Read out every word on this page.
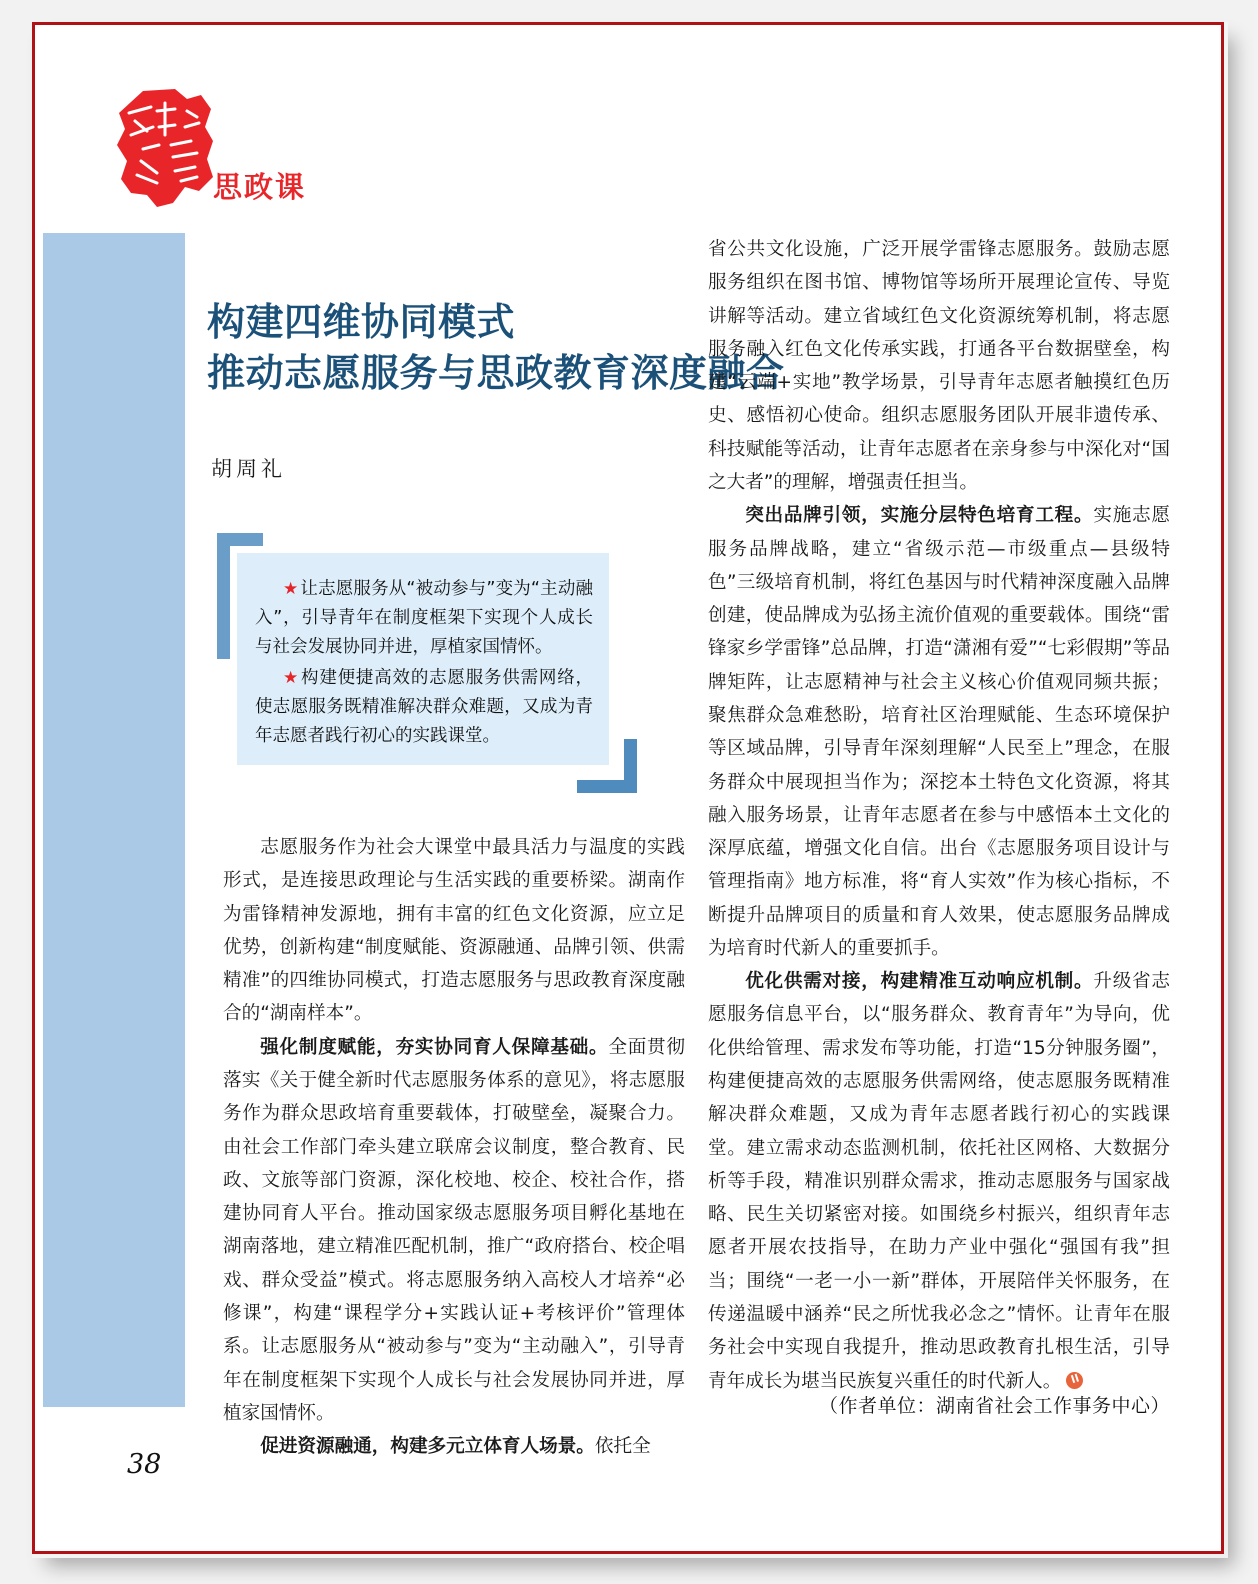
思政课
构建四维协同模式
推动志愿服务与思政教育深度融合
胡周礼

★ 让志愿服务从“被动参与”变为“主动融入”，引导青年在制度框架下实现个人成长与社会发展协同并进，厚植家国情怀。

★ 构建便捷高效的志愿服务供需网络，使志愿服务既精准解决群众难题，又成为青年志愿者践行初心的实践课堂。

志愿服务作为社会大课堂中最具活力与温度的实践形式，是连接思政理论与生活实践的重要桥梁。湖南作为雷锋精神发源地，拥有丰富的红色文化资源，应立足优势，创新构建“制度赋能、资源融通、品牌引领、供需精准”的四维协同模式，打造志愿服务与思政教育深度融合的“湖南样本”。

强化制度赋能，夯实协同育人保障基础。全面贯彻落实《关于健全新时代志愿服务体系的意见》，将志愿服务作为群众思政培育重要载体，打破壁垒，凝聚合力。由社会工作部门牵头建立联席会议制度，整合教育、民政、文旅等部门资源，深化校地、校企、校社合作，搭建协同育人平台。推动国家级志愿服务项目孵化基地在湖南落地，建立精准匹配机制，推广“政府搭台、校企唱戏、群众受益”模式。将志愿服务纳入高校人才培养“必修课”，构建“课程学分+实践认证+考核评价”管理体系。让志愿服务从“被动参与”变为“主动融入”，引导青年在制度框架下实现个人成长与社会发展协同并进，厚植家国情怀。

促进资源融通，构建多元立体育人场景。依托全

省公共文化设施，广泛开展学雷锋志愿服务。鼓励志愿服务组织在图书馆、博物馆等场所开展理论宣传、导览讲解等活动。建立省域红色文化资源统筹机制，将志愿服务融入红色文化传承实践，打通各平台数据壁垒，构建“云端+实地”教学场景，引导青年志愿者触摸红色历史、感悟初心使命。组织志愿服务团队开展非遗传承、科技赋能等活动，让青年志愿者在亲身参与中深化对“国之大者”的理解，增强责任担当。

突出品牌引领，实施分层特色培育工程。实施志愿服务品牌战略，建立“省级示范—市级重点—县级特色”三级培育机制，将红色基因与时代精神深度融入品牌创建，使品牌成为弘扬主流价值观的重要载体。围绕“雷锋家乡学雷锋”总品牌，打造“潇湘有爱”“七彩假期”等品牌矩阵，让志愿精神与社会主义核心价值观同频共振；聚焦群众急难愁盼，培育社区治理赋能、生态环境保护等区域品牌，引导青年深刻理解“人民至上”理念，在服务群众中展现担当作为；深挖本土特色文化资源，将其融入服务场景，让青年志愿者在参与中感悟本土文化的深厚底蕴，增强文化自信。出台《志愿服务项目设计与管理指南》地方标准，将“育人实效”作为核心指标，不断提升品牌项目的质量和育人效果，使志愿服务品牌成为培育时代新人的重要抓手。

优化供需对接，构建精准互动响应机制。升级省志愿服务信息平台，以“服务群众、教育青年”为导向，优化供给管理、需求发布等功能，打造“15分钟服务圈”，构建便捷高效的志愿服务供需网络，使志愿服务既精准解决群众难题，又成为青年志愿者践行初心的实践课堂。建立需求动态监测机制，依托社区网格、大数据分析等手段，精准识别群众需求，推动志愿服务与国家战略、民生关切紧密对接。如围绕乡村振兴，组织青年志愿者开展农技指导，在助力产业中强化“强国有我”担当；围绕“一老一小一新”群体，开展陪伴关怀服务，在传递温暖中涵养“民之所忧我必念之”情怀。让青年在服务社会中实现自我提升，推动思政教育扎根生活，引导青年成长为堪当民族复兴重任的时代新人。

（作者单位：湖南省社会工作事务中心）
38
